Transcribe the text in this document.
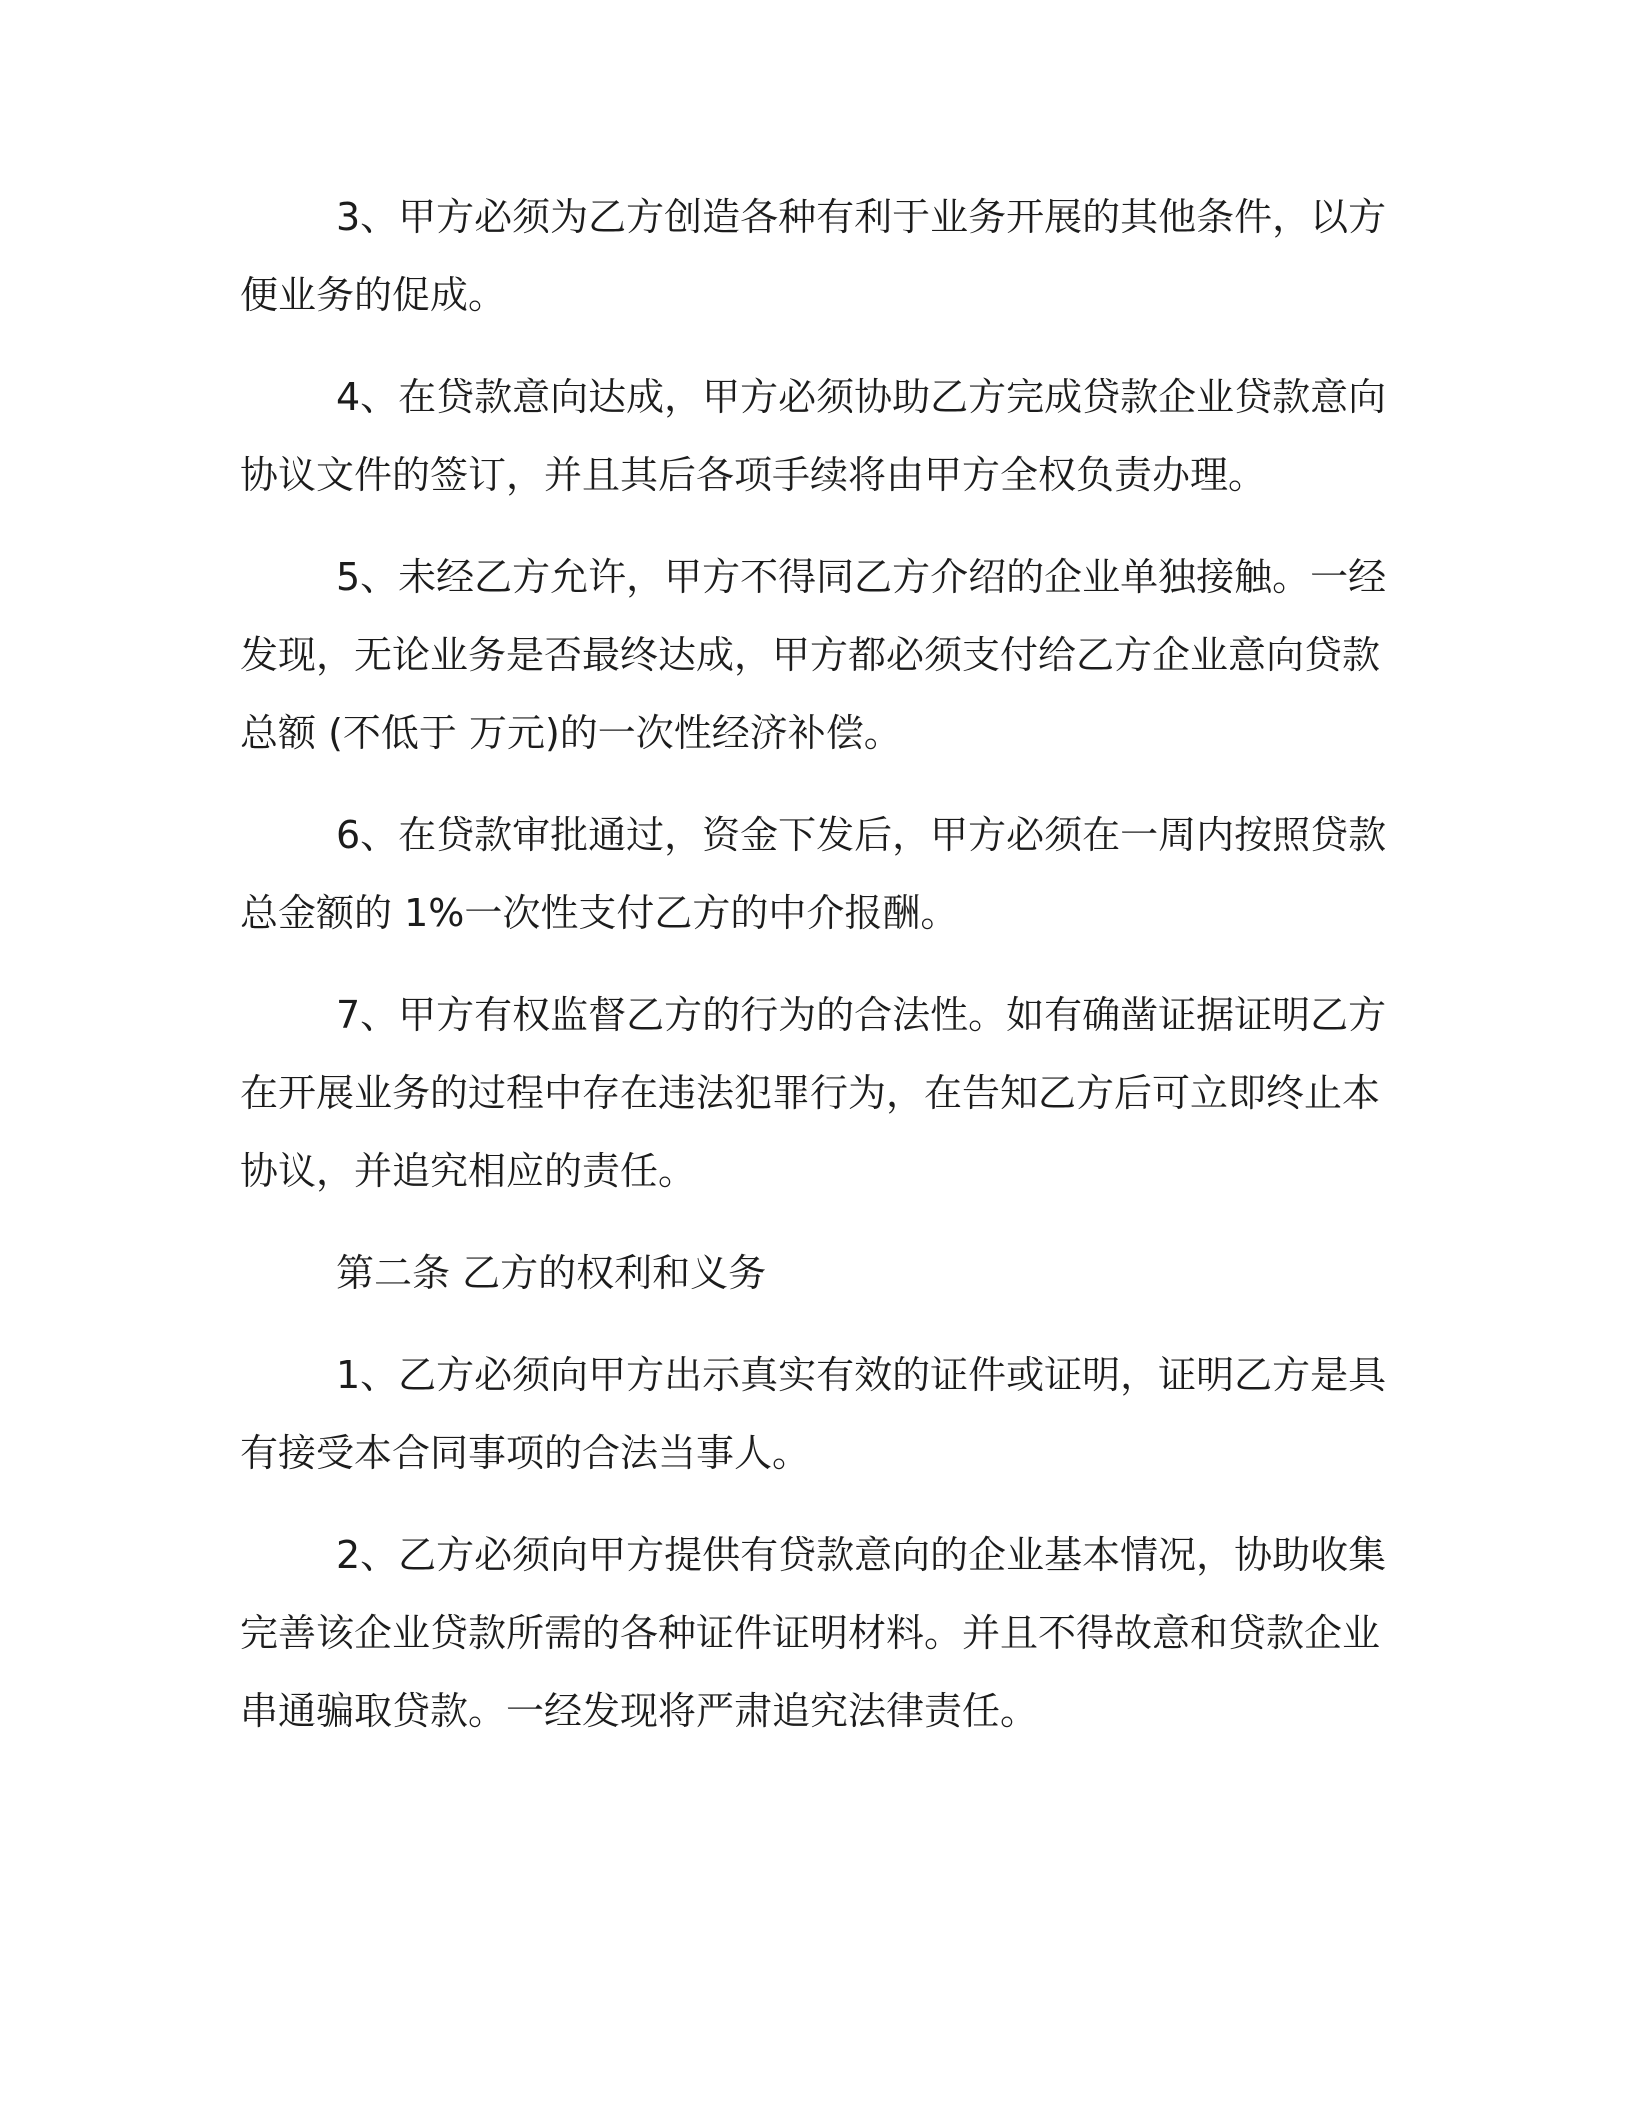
3、甲方必须为乙方创造各种有利于业务开展的其他条件，以方
便业务的促成。

4、在贷款意向达成，甲方必须协助乙方完成贷款企业贷款意向
协议文件的签订，并且其后各项手续将由甲方全权负责办理。

5、未经乙方允许，甲方不得同乙方介绍的企业单独接触。一经
发现，无论业务是否最终达成，甲方都必须支付给乙方企业意向贷款
总额 (不低于 万元)的一次性经济补偿。

6、在贷款审批通过，资金下发后，甲方必须在一周内按照贷款
总金额的 1%一次性支付乙方的中介报酬。

7、甲方有权监督乙方的行为的合法性。如有确凿证据证明乙方
在开展业务的过程中存在违法犯罪行为，在告知乙方后可立即终止本
协议，并追究相应的责任。

第二条 乙方的权利和义务

1、乙方必须向甲方出示真实有效的证件或证明，证明乙方是具
有接受本合同事项的合法当事人。

2、乙方必须向甲方提供有贷款意向的企业基本情况，协助收集
完善该企业贷款所需的各种证件证明材料。并且不得故意和贷款企业
串通骗取贷款。一经发现将严肃追究法律责任。
